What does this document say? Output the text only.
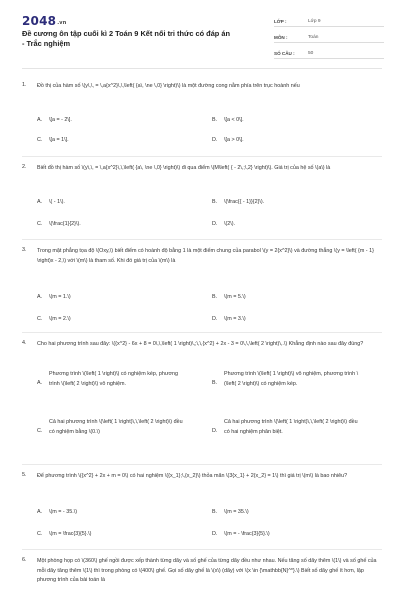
2048.vn
Đề cương ôn tập cuối kì 2 Toán 9 Kết nối tri thức có đáp án - Trắc nghiệm
LỚP :	Lớp 9
MÔN :	Toán
SỐ CÂU :	50
1. Đồ thị của hàm số \(y\,\, = \,a{x^2}\,\,\left( {a\, \ne \,0} \right)\) là một đường cong nằm phía trên trục hoành nếu
A. \[a = - 2\].	B. \[a < 0\].
C. \[a = 1\].	D. \[a > 0\].
2. Biết đồ thị hàm số \(y\,\, = \,a{x^2}\,\,\left( {a\, \ne \,0} \right)\) đi qua điểm \(M\left( { - 2\,;\,2} \right)\). Giá trị của hệ số \(a\) là
A. \( - 1\).	B. \(\frac{{ - 1}}{2}\).
C. \(\frac{1}{2}\).	D. \(2\).
3. Trong mặt phẳng tọa độ \(Oxy,\) biết điểm có hoành độ bằng 1 là một điểm chung của parabol \(y = 2{x^2}\) và đường thẳng \(y = \left( {m - 1} \right)x - 2,\) với \(m\) là tham số. Khi đó giá trị của \(m\) là
A. \(m = 1.\)	B. \(m = 5.\)
C. \(m = 2.\)	D. \(m = 3.\)
4. Cho hai phương trình sau đây: \({x^2} - 6x + 8 = 0\,\,\left( 1 \right)\,;\,\,{x^2} + 2x - 3 = 0\,\,\left( 2 \right)\,.\) Khẳng định nào sau đây đúng?
A.
Phương trình \(\left( 1 \right)\) có nghiệm kép, phương trình \(\left( 2 \right)\) vô nghiệm.	B.
Phương trình \(\left( 1 \right)\) vô nghiệm, phương trình \(\left( 2 \right)\) có nghiệm kép.
C.
Cả hai phương trình \(\left( 1 \right)\,\,\left( 2 \right)\) đều có nghiệm bằng \(0.\)	D.
Cả hai phương trình \(\left( 1 \right)\,\,\left( 2 \right)\) đều có hai nghiệm phân biệt.
5. Để phương trình \({x^2} + 2x + m = 0\) có hai nghiệm \({x_1};\,{x_2}\) thỏa mãn \(3{x_1} + 2{x_2} = 1\) thì giá trị \(m\) là bao nhiêu?
A. \(m = - 35.\)	B. \(m = 35.\)
C. \(m = \frac{3}{5}.\)	D. \(m = - \frac{3}{5}.\)
6. Một phòng họp có \(360\) ghế ngồi được xếp thành từng dãy và số ghế của từng dãy đều như nhau. Nếu tăng số dãy thêm \(1\) và số ghế của mỗi dãy tăng thêm \(1\) thì trong phòng có \(400\) ghế. Gọi số dãy ghế là \(x\) (dãy) với \(x \in {\mathbb{N}^*}.\) Biết số dãy ghế ít hơn, lập phương trình của bài toán là
